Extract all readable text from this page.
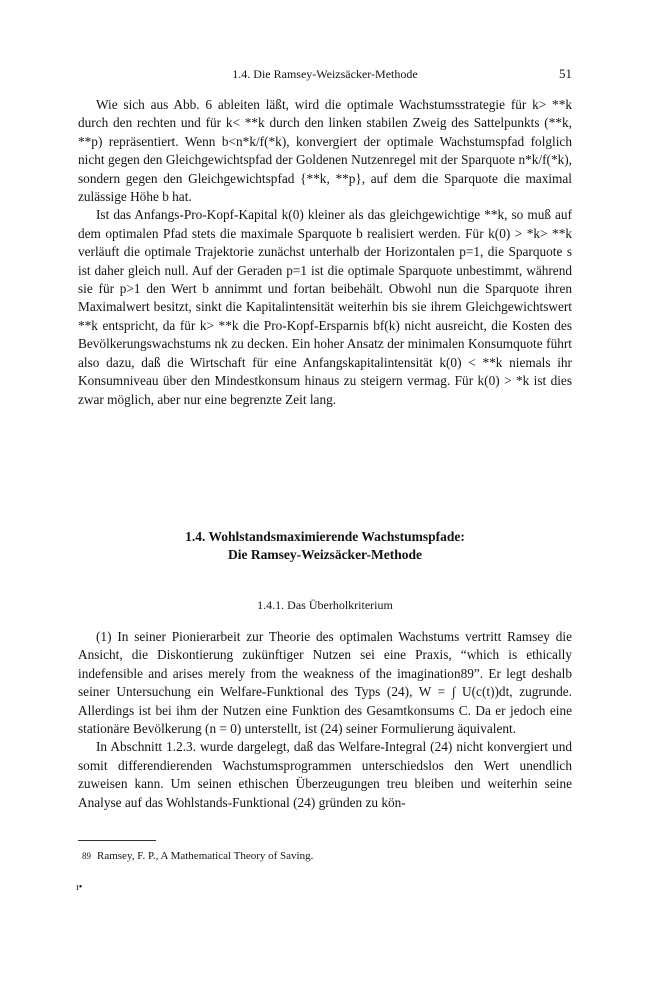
1.4. Die Ramsey-Weizsäcker-Methode	51

Wie sich aus Abb. 6 ableiten läßt, wird die optimale Wachstumsstrategie für k> **k durch den rechten und für k< **k durch den linken stabilen Zweig des Sattelpunkts (**k, **p) repräsentiert. Wenn b<n*k/f(*k), konvergiert der optimale Wachstumspfad folglich nicht gegen den Gleichgewichtspfad der Goldenen Nutzenregel mit der Sparquote n*k/f(*k), sondern gegen den Gleichgewichtspfad {**k, **p}, auf dem die Sparquote die maximal zulässige Höhe b hat.

Ist das Anfangs-Pro-Kopf-Kapital k(0) kleiner als das gleichgewichtige **k, so muß auf dem optimalen Pfad stets die maximale Sparquote b realisiert werden. Für k(0) > *k> **k verläuft die optimale Trajektorie zunächst unterhalb der Horizontalen p=1, die Sparquote s ist daher gleich null. Auf der Geraden p=1 ist die optimale Sparquote unbestimmt, während sie für p>1 den Wert b annimmt und fortan beibehält. Obwohl nun die Sparquote ihren Maximalwert besitzt, sinkt die Kapitalintensität weiterhin bis sie ihrem Gleichgewichtswert **k entspricht, da für k> **k die Pro-Kopf-Ersparnis bf(k) nicht ausreicht, die Kosten des Bevölkerungswachstums nk zu decken. Ein hoher Ansatz der minimalen Konsumquote führt also dazu, daß die Wirtschaft für eine Anfangskapitalintensität k(0) < **k niemals ihr Konsumniveau über den Mindestkonsum hinaus zu steigern vermag. Für k(0) > *k ist dies zwar möglich, aber nur eine begrenzte Zeit lang.

1.4. Wohlstandsmaximierende Wachstumspfade:
Die Ramsey-Weizsäcker-Methode
1.4.1. Das Überholkriterium

(1) In seiner Pionierarbeit zur Theorie des optimalen Wachstums vertritt Ramsey die Ansicht, die Diskontierung zukünftiger Nutzen sei eine Praxis, “which is ethically indefensible and arises merely from the weakness of the imagination89”. Er legt deshalb seiner Untersuchung ein Welfare-Funktional des Typs (24), W = ∫ U(c(t))dt, zugrunde. Allerdings ist bei ihm der Nutzen eine Funktion des Gesamtkonsums C. Da er jedoch eine stationäre Bevölkerung (n = 0) unterstellt, ist (24) seiner Formulierung äquivalent.

In Abschnitt 1.2.3. wurde dargelegt, daß das Welfare-Integral (24) nicht konvergiert und somit differendierenden Wachstumsprogrammen unterschiedslos den Wert unendlich zuweisen kann. Um seinen ethischen Überzeugungen treu bleiben und weiterhin seine Analyse auf das Wohlstands-Funktional (24) gründen zu kön-

89 Ramsey, F. P., A Mathematical Theory of Saving.
ı•
